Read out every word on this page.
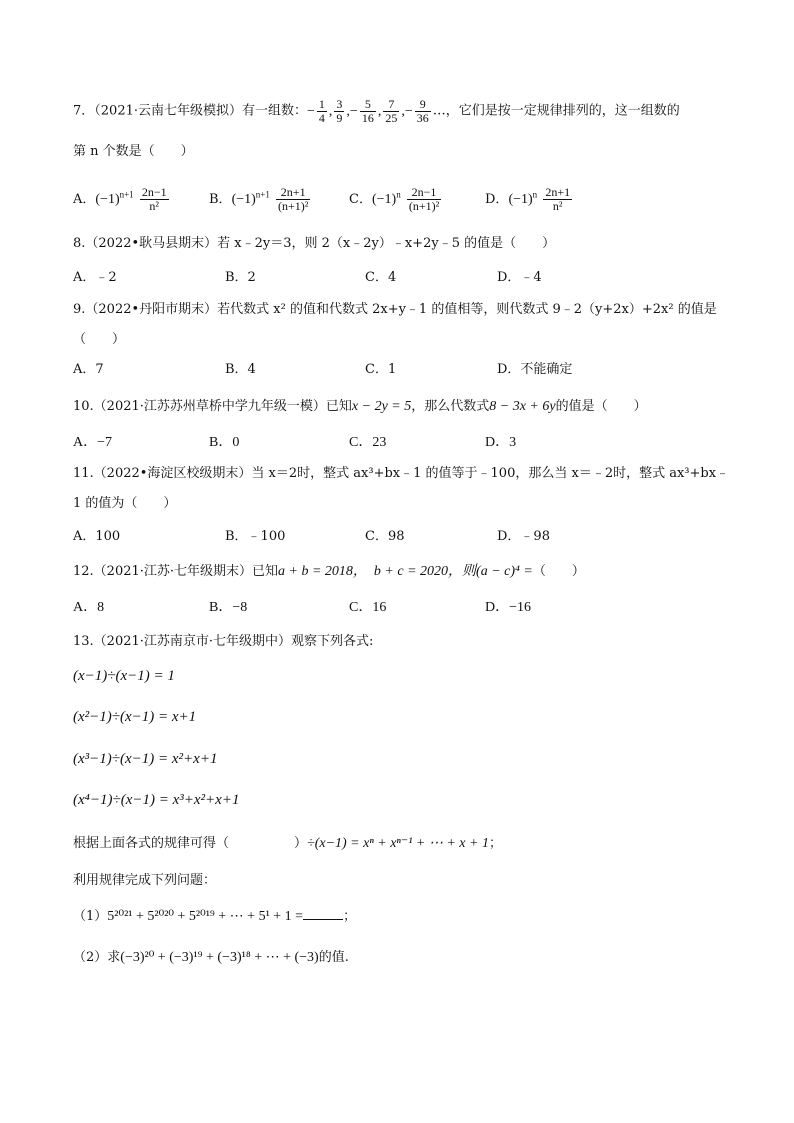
7．（2021·云南七年级模拟）有一组数：− $\frac{1}{4}$ , $\frac{3}{9}$ ,− $\frac{5}{16}$ , $\frac{7}{25}$ ,− $\frac{9}{36}$ …，它们是按一定规律排列的，这一组数的
第 n 个数是（　　）
A．$(-1)^{n+1} \frac{2n-1}{\text{n²}}$	B．$(-1)^{n+1} \frac{2n+1}{\text{(n+1)²}}$	C．$(-1)^n \frac{2n-1}{\text{(n+1)²}}$	D．$(-1)^n \frac{2n+1}{\text{n²}}$
8.（2022•耿马县期末）若 x﹣2y＝3，则 2（x﹣2y）﹣x+2y﹣5 的值是（　　）
A．﹣2	B．2	C．4	D．﹣4
9.（2022•丹阳市期末）若代数式 x² 的值和代数式 2x+y﹣1 的值相等，则代数式 9﹣2（y+2x）+2x² 的值是
（　　）
A．7	B．4	C．1	D．不能确定
10.（2021·江苏苏州草桥中学九年级一模）已知x − 2y = 5，那么代数式8 − 3x + 6y的值是（　　）
A．−7	B．0	C．23	D．3
11.（2022•海淀区校级期末）当 x＝2时，整式 ax³+bx﹣1 的值等于﹣100，那么当 x＝﹣2时，整式 ax³+bx﹣
1 的值为（　　）
A．100	B．﹣100	C．98	D．﹣98
12.（2021·江苏·七年级期末）已知a + b = 2018，　b + c = 2020，则(a − c)⁴ =（　　）
A．8	B．−8	C．16	D．−16
13.（2021·江苏南京市·七年级期中）观察下列各式:
(x−1)÷(x−1) = 1
(x²−1)÷(x−1) = x+1
(x³−1)÷(x−1) = x²+x+1
(x⁴−1)÷(x−1) = x³+x²+x+1
根据上面各式的规律可得（　　　　　）÷(x−1) = xⁿ + xⁿ⁻¹ + ⋯ + x + 1；
利用规律完成下列问题：
（1）5²⁰²¹ + 5²⁰²⁰ + 5²⁰¹⁹ + ⋯ + 5¹ + 1 =	；
（2）求(−3)²⁰ + (−3)¹⁹ + (−3)¹⁸ + ⋯ + (−3)的值.
